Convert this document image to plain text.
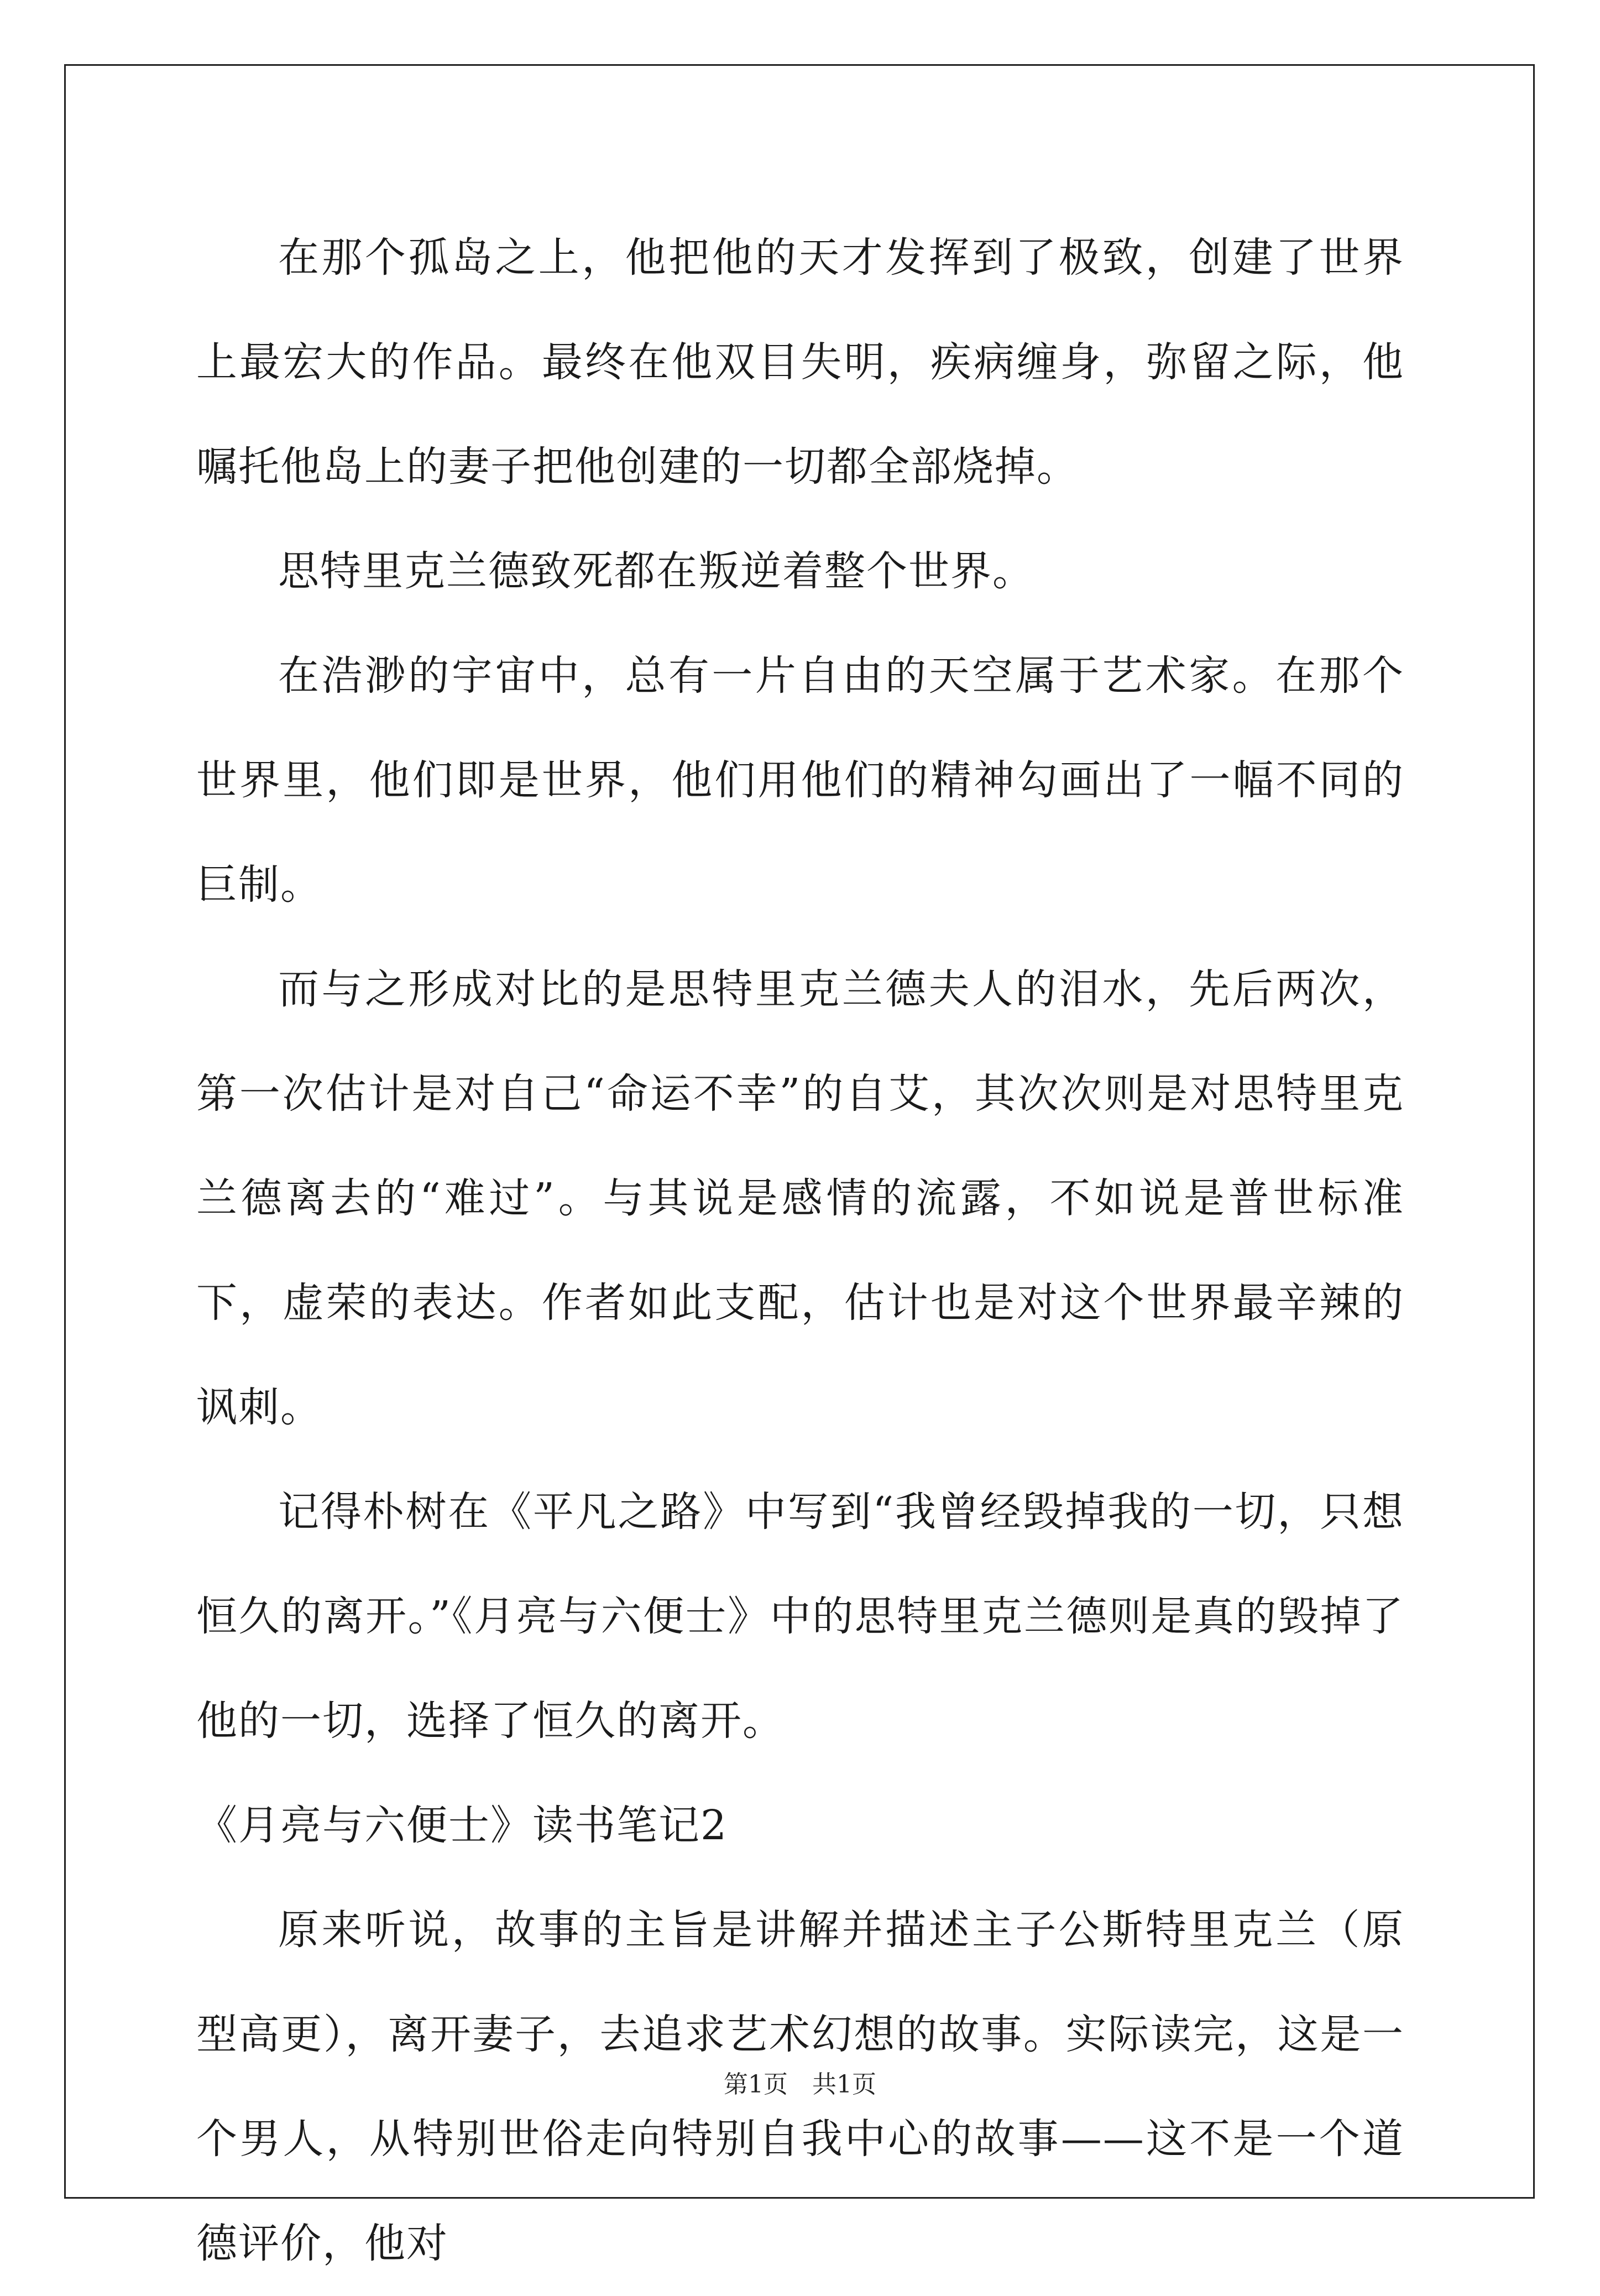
在那个孤岛之上，他把他的天才发挥到了极致，创建了世界上最宏大的作品。最终在他双目失明，疾病缠身，弥留之际，他嘱托他岛上的妻子把他创建的一切都全部烧掉。

思特里克兰德致死都在叛逆着整个世界。

在浩渺的宇宙中，总有一片自由的天空属于艺术家。在那个世界里，他们即是世界，他们用他们的精神勾画出了一幅不同的巨制。

而与之形成对比的是思特里克兰德夫人的泪水，先后两次，第一次估计是对自己“命运不幸”的自艾，其次次则是对思特里克兰德离去的“难过”。与其说是感情的流露，不如说是普世标准下，虚荣的表达。作者如此支配，估计也是对这个世界最辛辣的讽刺。

记得朴树在《平凡之路》中写到“我曾经毁掉我的一切，只想恒久的离开。”《月亮与六便士》中的思特里克兰德则是真的毁掉了他的一切，选择了恒久的离开。

《月亮与六便士》读书笔记2

原来听说，故事的主旨是讲解并描述主子公斯特里克兰（原型高更），离开妻子，去追求艺术幻想的故事。实际读完，这是一个男人，从特别世俗走向特别自我中心的故事——这不是一个道德评价，他对

第1页 共1页
